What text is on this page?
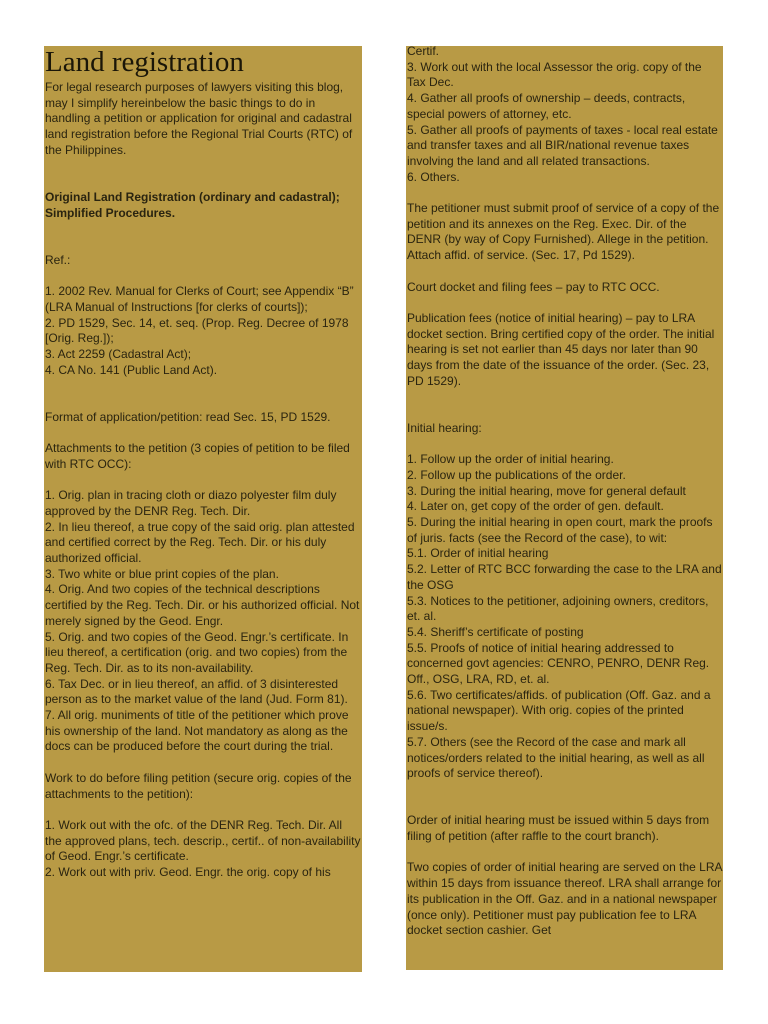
Land registration

For legal research purposes of lawyers visiting this blog, may I simplify hereinbelow the basic things to do in handling a petition or application for original and cadastral land registration before the Regional Trial Courts (RTC) of the Philippines.

Original Land Registration (ordinary and cadastral);

Simplified Procedures.

Ref.:

1. 2002 Rev. Manual for Clerks of Court; see Appendix “B” (LRA Manual of Instructions [for clerks of courts]);

2. PD 1529, Sec. 14, et. seq. (Prop. Reg. Decree of 1978 [Orig. Reg.]);

3. Act 2259 (Cadastral Act);

4. CA No. 141 (Public Land Act).

Format of application/petition: read Sec. 15, PD 1529.

Attachments to the petition (3 copies of petition to be filed with RTC OCC):

1. Orig. plan in tracing cloth or diazo polyester film duly approved by the DENR Reg. Tech. Dir.

2. In lieu thereof, a true copy of the said orig. plan attested and certified correct by the Reg. Tech. Dir. or his duly authorized official.

3. Two white or blue print copies of the plan.

4. Orig. And two copies of the technical descriptions certified by the Reg. Tech. Dir. or his authorized official. Not merely signed by the Geod. Engr.

5. Orig. and two copies of the Geod. Engr.’s certificate. In lieu thereof, a certification (orig. and two copies) from the Reg. Tech. Dir. as to its non-availability.

6. Tax Dec. or in lieu thereof, an affid. of 3 disinterested person as to the market value of the land (Jud. Form 81).

7. All orig. muniments of title of the petitioner which prove his ownership of the land. Not mandatory as along as the docs can be produced before the court during the trial.

Work to do before filing petition (secure orig. copies of the attachments to the petition):

1. Work out with the ofc. of the DENR Reg. Tech. Dir. All the approved plans, tech. descrip., certif.. of non-availability of Geod. Engr.’s certificate.

2. Work out with priv. Geod. Engr. the orig. copy of his

Certif.

3. Work out with the local Assessor the orig. copy of the Tax Dec.

4. Gather all proofs of ownership – deeds, contracts, special powers of attorney, etc.

5. Gather all proofs of payments of taxes - local real estate and transfer taxes and all BIR/national revenue taxes involving the land and all related transactions.

6. Others.

The petitioner must submit proof of service of a copy of the petition and its annexes on the Reg. Exec. Dir. of the DENR (by way of Copy Furnished). Allege in the petition. Attach affid. of service. (Sec. 17, Pd 1529).

Court docket and filing fees – pay to RTC OCC.

Publication fees (notice of initial hearing) – pay to LRA docket section. Bring certified copy of the order. The initial hearing is set not earlier than 45 days nor later than 90 days from the date of the issuance of the order. (Sec. 23, PD 1529).

Initial hearing:

1. Follow up the order of initial hearing.

2. Follow up the publications of the order.

3. During the initial hearing, move for general default

4. Later on, get copy of the order of gen. default.

5. During the initial hearing in open court, mark the proofs of juris. facts (see the Record of the case), to wit:

5.1. Order of initial hearing

5.2. Letter of RTC BCC forwarding the case to the LRA and the OSG

5.3. Notices to the petitioner, adjoining owners, creditors, et. al.

5.4. Sheriff’s certificate of posting

5.5. Proofs of notice of initial hearing addressed to concerned govt agencies: CENRO, PENRO, DENR Reg. Off., OSG, LRA, RD, et. al.

5.6. Two certificates/affids. of publication (Off. Gaz. and a national newspaper). With orig. copies of the printed issue/s.

5.7. Others (see the Record of the case and mark all notices/orders related to the initial hearing, as well as all proofs of service thereof).

Order of initial hearing must be issued within 5 days from filing of petition (after raffle to the court branch).

Two copies of order of initial hearing are served on the LRA within 15 days from issuance thereof. LRA shall arrange for its publication in the Off. Gaz. and in a national newspaper (once only). Petitioner must pay publication fee to LRA docket section cashier. Get
